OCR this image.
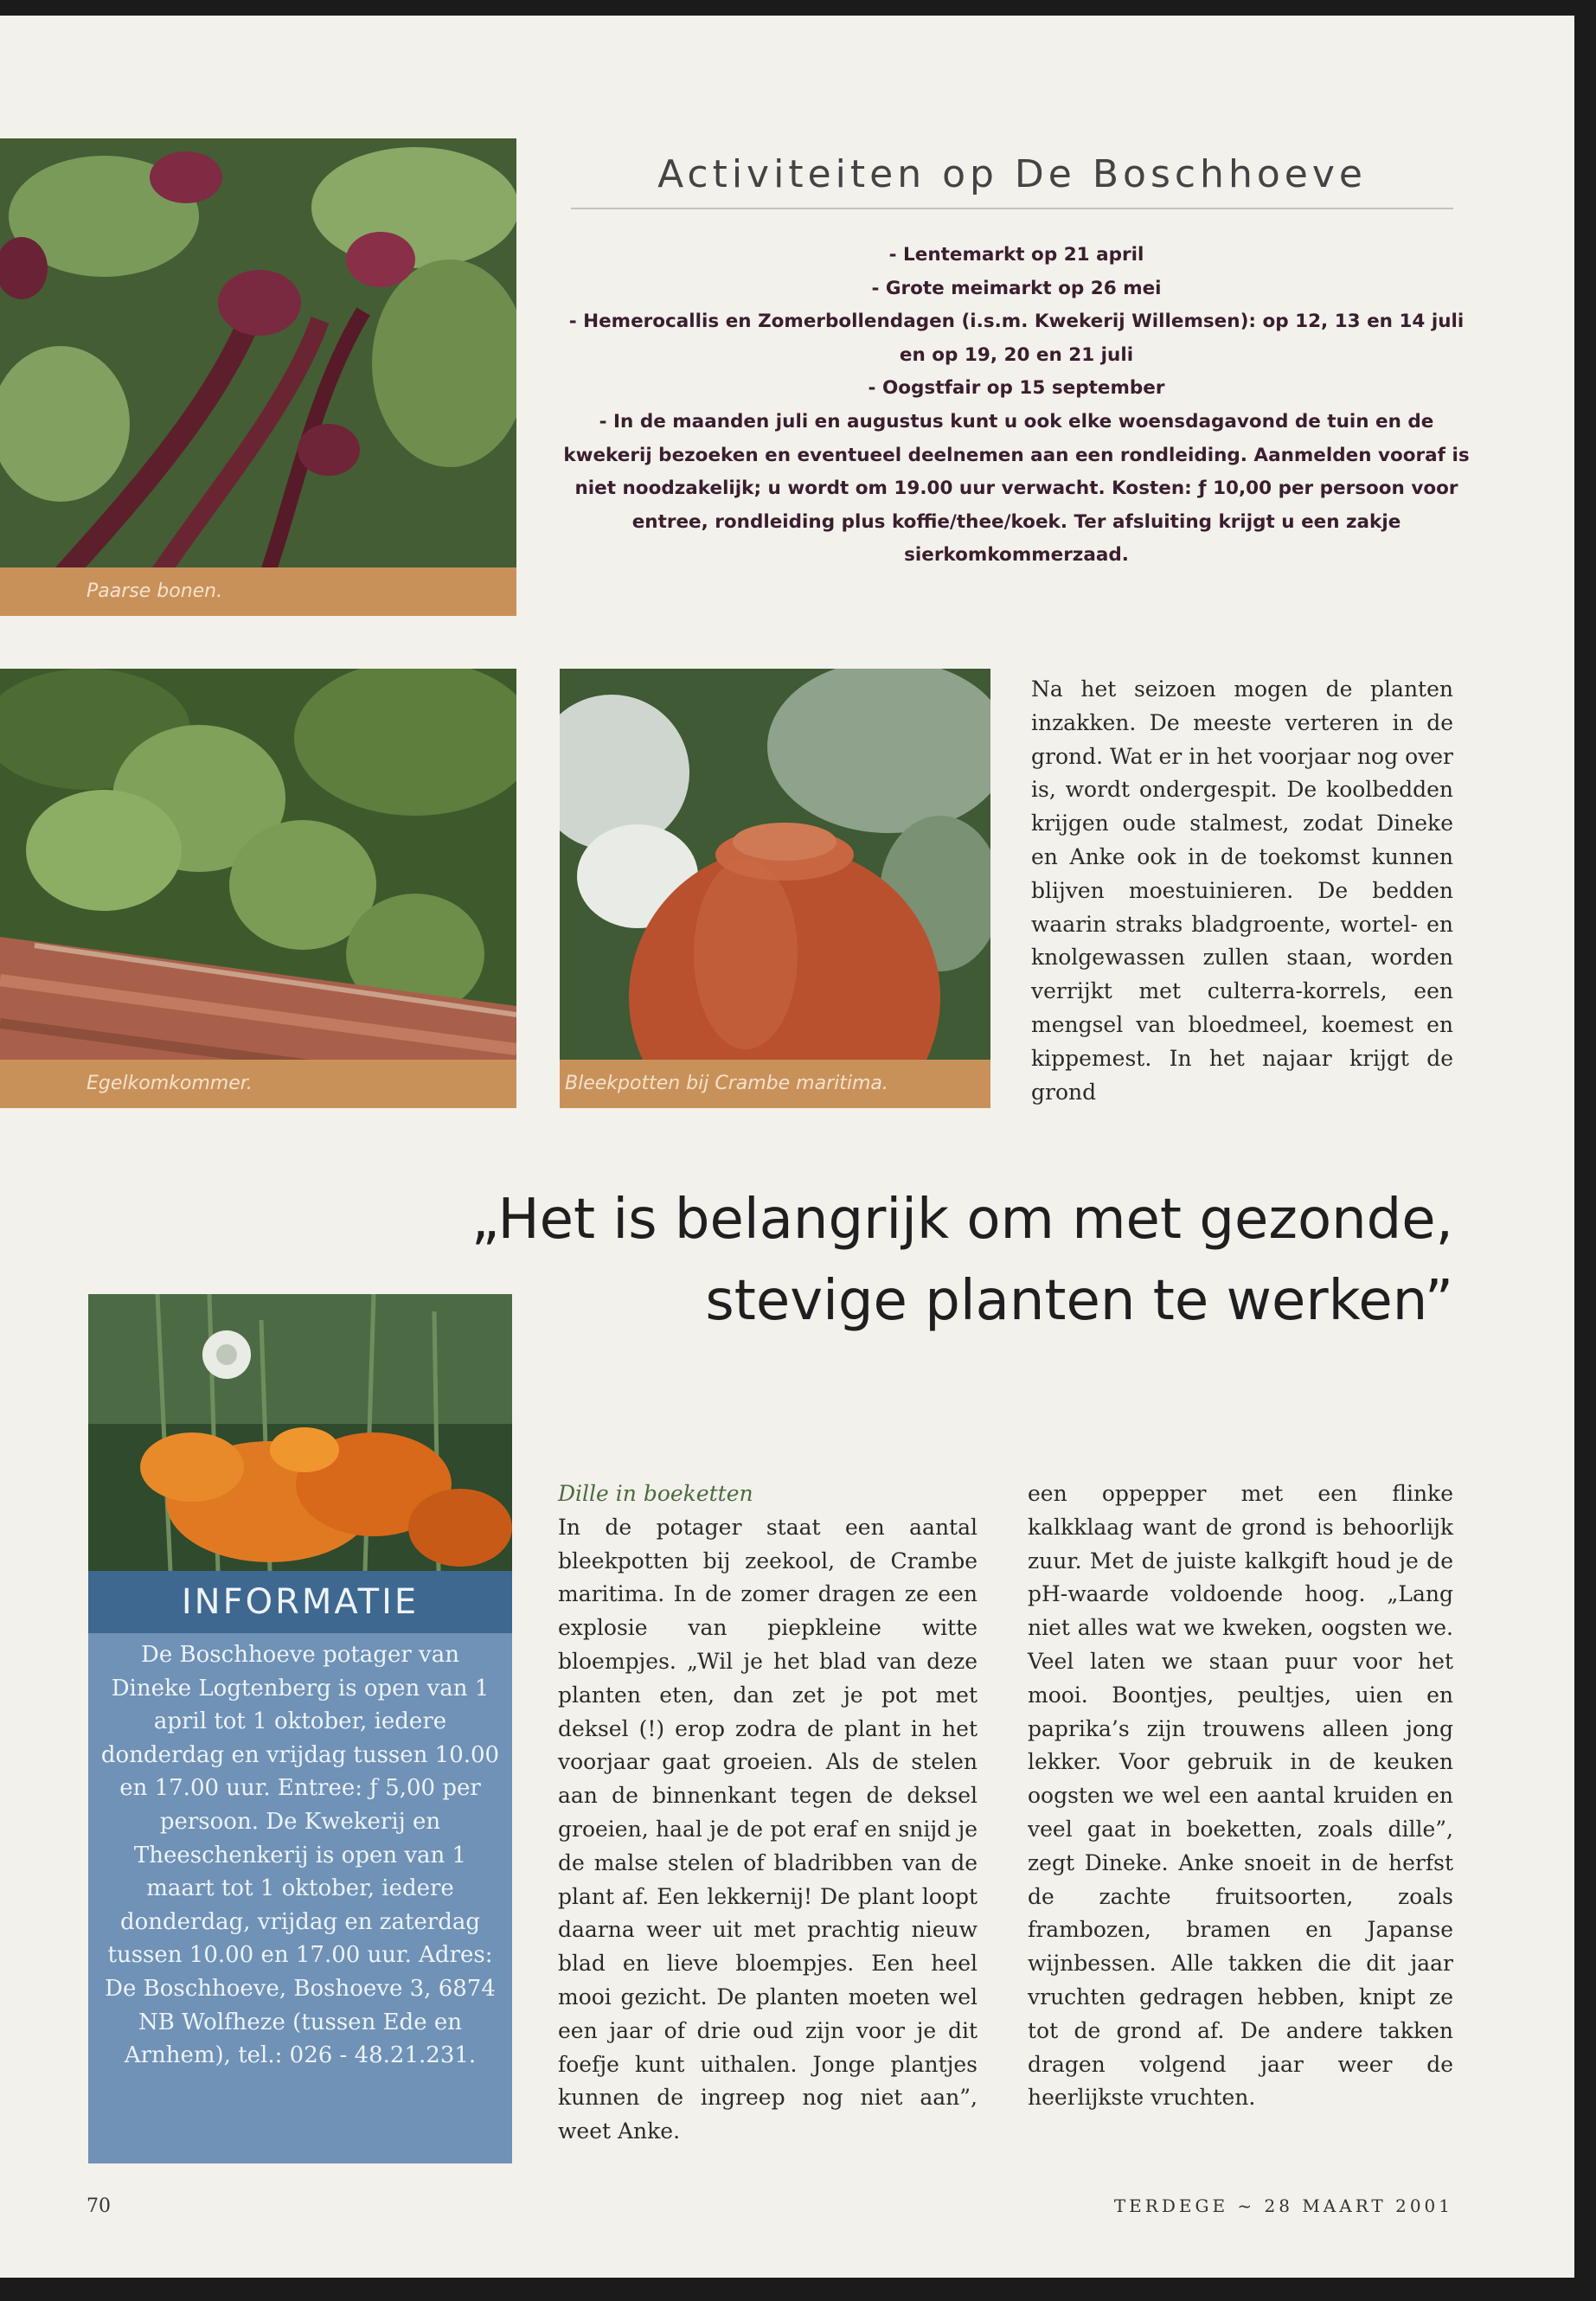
Paarse bonen.
Activiteiten op De Boschhoeve
- Lentemarkt op 21 april
- Grote meimarkt op 26 mei
- Hemerocallis en Zomerbollendagen (i.s.m. Kwekerij Willemsen): op 12, 13 en 14 juli en op 19, 20 en 21 juli
- Oogstfair op 15 september
- In de maanden juli en augustus kunt u ook elke woensdagavond de tuin en de kwekerij bezoeken en eventueel deelnemen aan een rondleiding. Aanmelden vooraf is niet noodzakelijk; u wordt om 19.00 uur verwacht. Kosten: ƒ 10,00 per persoon voor entree, rondleiding plus koffie/thee/koek. Ter afsluiting krijgt u een zakje sierkomkommerzaad.
Egelkomkommer.	Bleekpotten bij Crambe maritima.

Na het seizoen mogen de planten inzakken. De meeste verteren in de grond. Wat er in het voorjaar nog over is, wordt ondergespit. De koolbedden krijgen oude stalmest, zodat Dineke en Anke ook in de toekomst kunnen blijven moestuinieren. De bedden waarin straks bladgroente, wortel- en knolgewassen zullen staan, worden verrijkt met culterra-korrels, een mengsel van bloedmeel, koemest en kippemest. In het najaar krijgt de grond

„Het is belangrijk om met gezonde,
stevige planten te werken”
INFORMATIE

De Boschhoeve potager van Dineke Logtenberg is open van 1 april tot 1 oktober, iedere donderdag en vrijdag tussen 10.00 en 17.00 uur. Entree: ƒ 5,00 per persoon. De Kwekerij en Theeschenkerij is open van 1 maart tot 1 oktober, iedere donderdag, vrijdag en zaterdag tussen 10.00 en 17.00 uur. Adres: De Boschhoeve, Boshoeve 3, 6874 NB Wolfheze (tussen Ede en Arnhem), tel.: 026 - 48.21.231.

Dille in boeketten

In de potager staat een aantal bleekpotten bij zeekool, de Crambe maritima. In de zomer dragen ze een explosie van piepkleine witte bloempjes. „Wil je het blad van deze planten eten, dan zet je pot met deksel (!) erop zodra de plant in het voorjaar gaat groeien. Als de stelen aan de binnenkant tegen de deksel groeien, haal je de pot eraf en snijd je de malse stelen of bladribben van de plant af. Een lekkernij! De plant loopt daarna weer uit met prachtig nieuw blad en lieve bloempjes. Een heel mooi gezicht. De planten moeten wel een jaar of drie oud zijn voor je dit foefje kunt uithalen. Jonge plantjes kunnen de ingreep nog niet aan”, weet Anke.

een oppepper met een flinke kalkklaag want de grond is behoorlijk zuur. Met de juiste kalkgift houd je de pH-waarde voldoende hoog. „Lang niet alles wat we kweken, oogsten we. Veel laten we staan puur voor het mooi. Boontjes, peultjes, uien en paprika’s zijn trouwens alleen jong lekker. Voor gebruik in de keuken oogsten we wel een aantal kruiden en veel gaat in boeketten, zoals dille”, zegt Dineke. Anke snoeit in de herfst de zachte fruitsoorten, zoals frambozen, bramen en Japanse wijnbessen. Alle takken die dit jaar vruchten gedragen hebben, knipt ze tot de grond af. De andere takken dragen volgend jaar weer de heerlijkste vruchten.

70	TERDEGE ~ 28 MAART 2001
